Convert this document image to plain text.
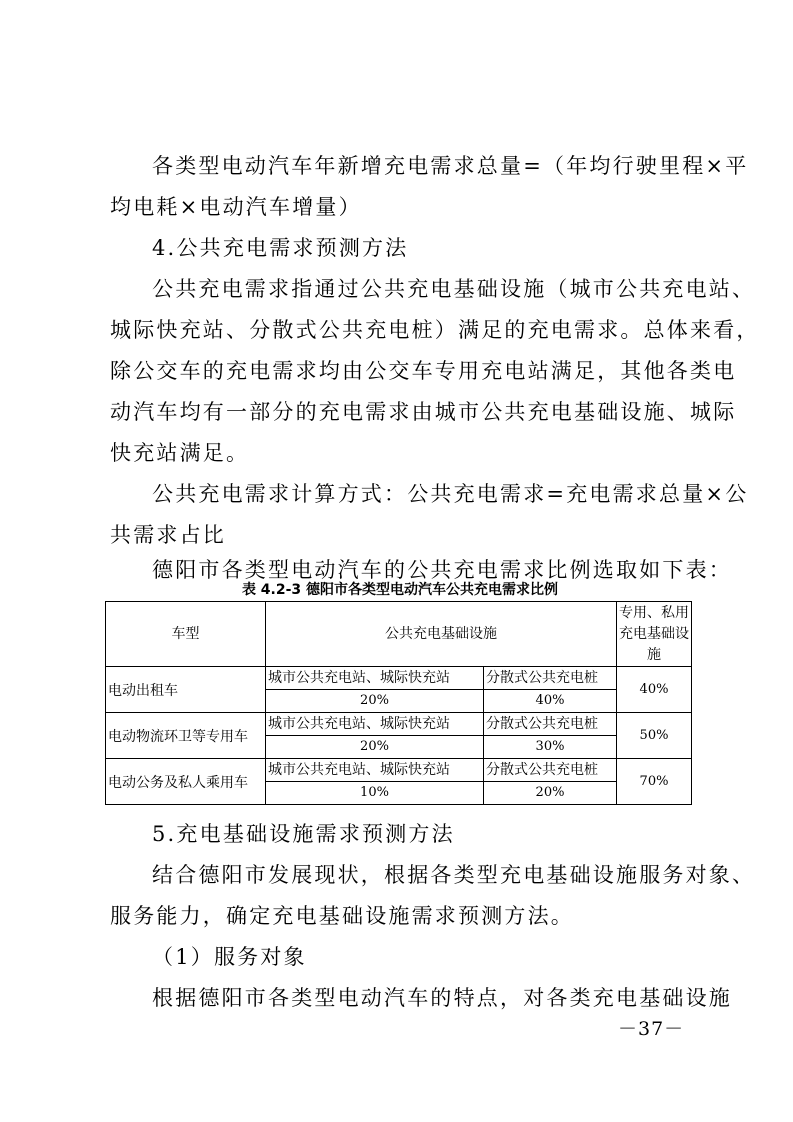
各类型电动汽车年新增充电需求总量=（年均行驶里程×平
均电耗×电动汽车增量）
4.公共充电需求预测方法
公共充电需求指通过公共充电基础设施（城市公共充电站、
城际快充站、分散式公共充电桩）满足的充电需求。总体来看，
除公交车的充电需求均由公交车专用充电站满足，其他各类电
动汽车均有一部分的充电需求由城市公共充电基础设施、城际
快充站满足。
公共充电需求计算方式：公共充电需求=充电需求总量×公
共需求占比
德阳市各类型电动汽车的公共充电需求比例选取如下表：
表 4.2-3 德阳市各类型电动汽车公共充电需求比例
车型	公共充电基础设施		专用、私用充电基础设施
电动出租车	城市公共充电站、城际快充站	分散式公共充电桩	40%
	20%	40%	
电动物流环卫等专用车	城市公共充电站、城际快充站	分散式公共充电桩	50%
	20%	30%	
电动公务及私人乘用车	城市公共充电站、城际快充站	分散式公共充电桩	70%
	10%	20%	
5.充电基础设施需求预测方法
结合德阳市发展现状，根据各类型充电基础设施服务对象、
服务能力，确定充电基础设施需求预测方法。
（1）服务对象
根据德阳市各类型电动汽车的特点，对各类充电基础设施
－37－
